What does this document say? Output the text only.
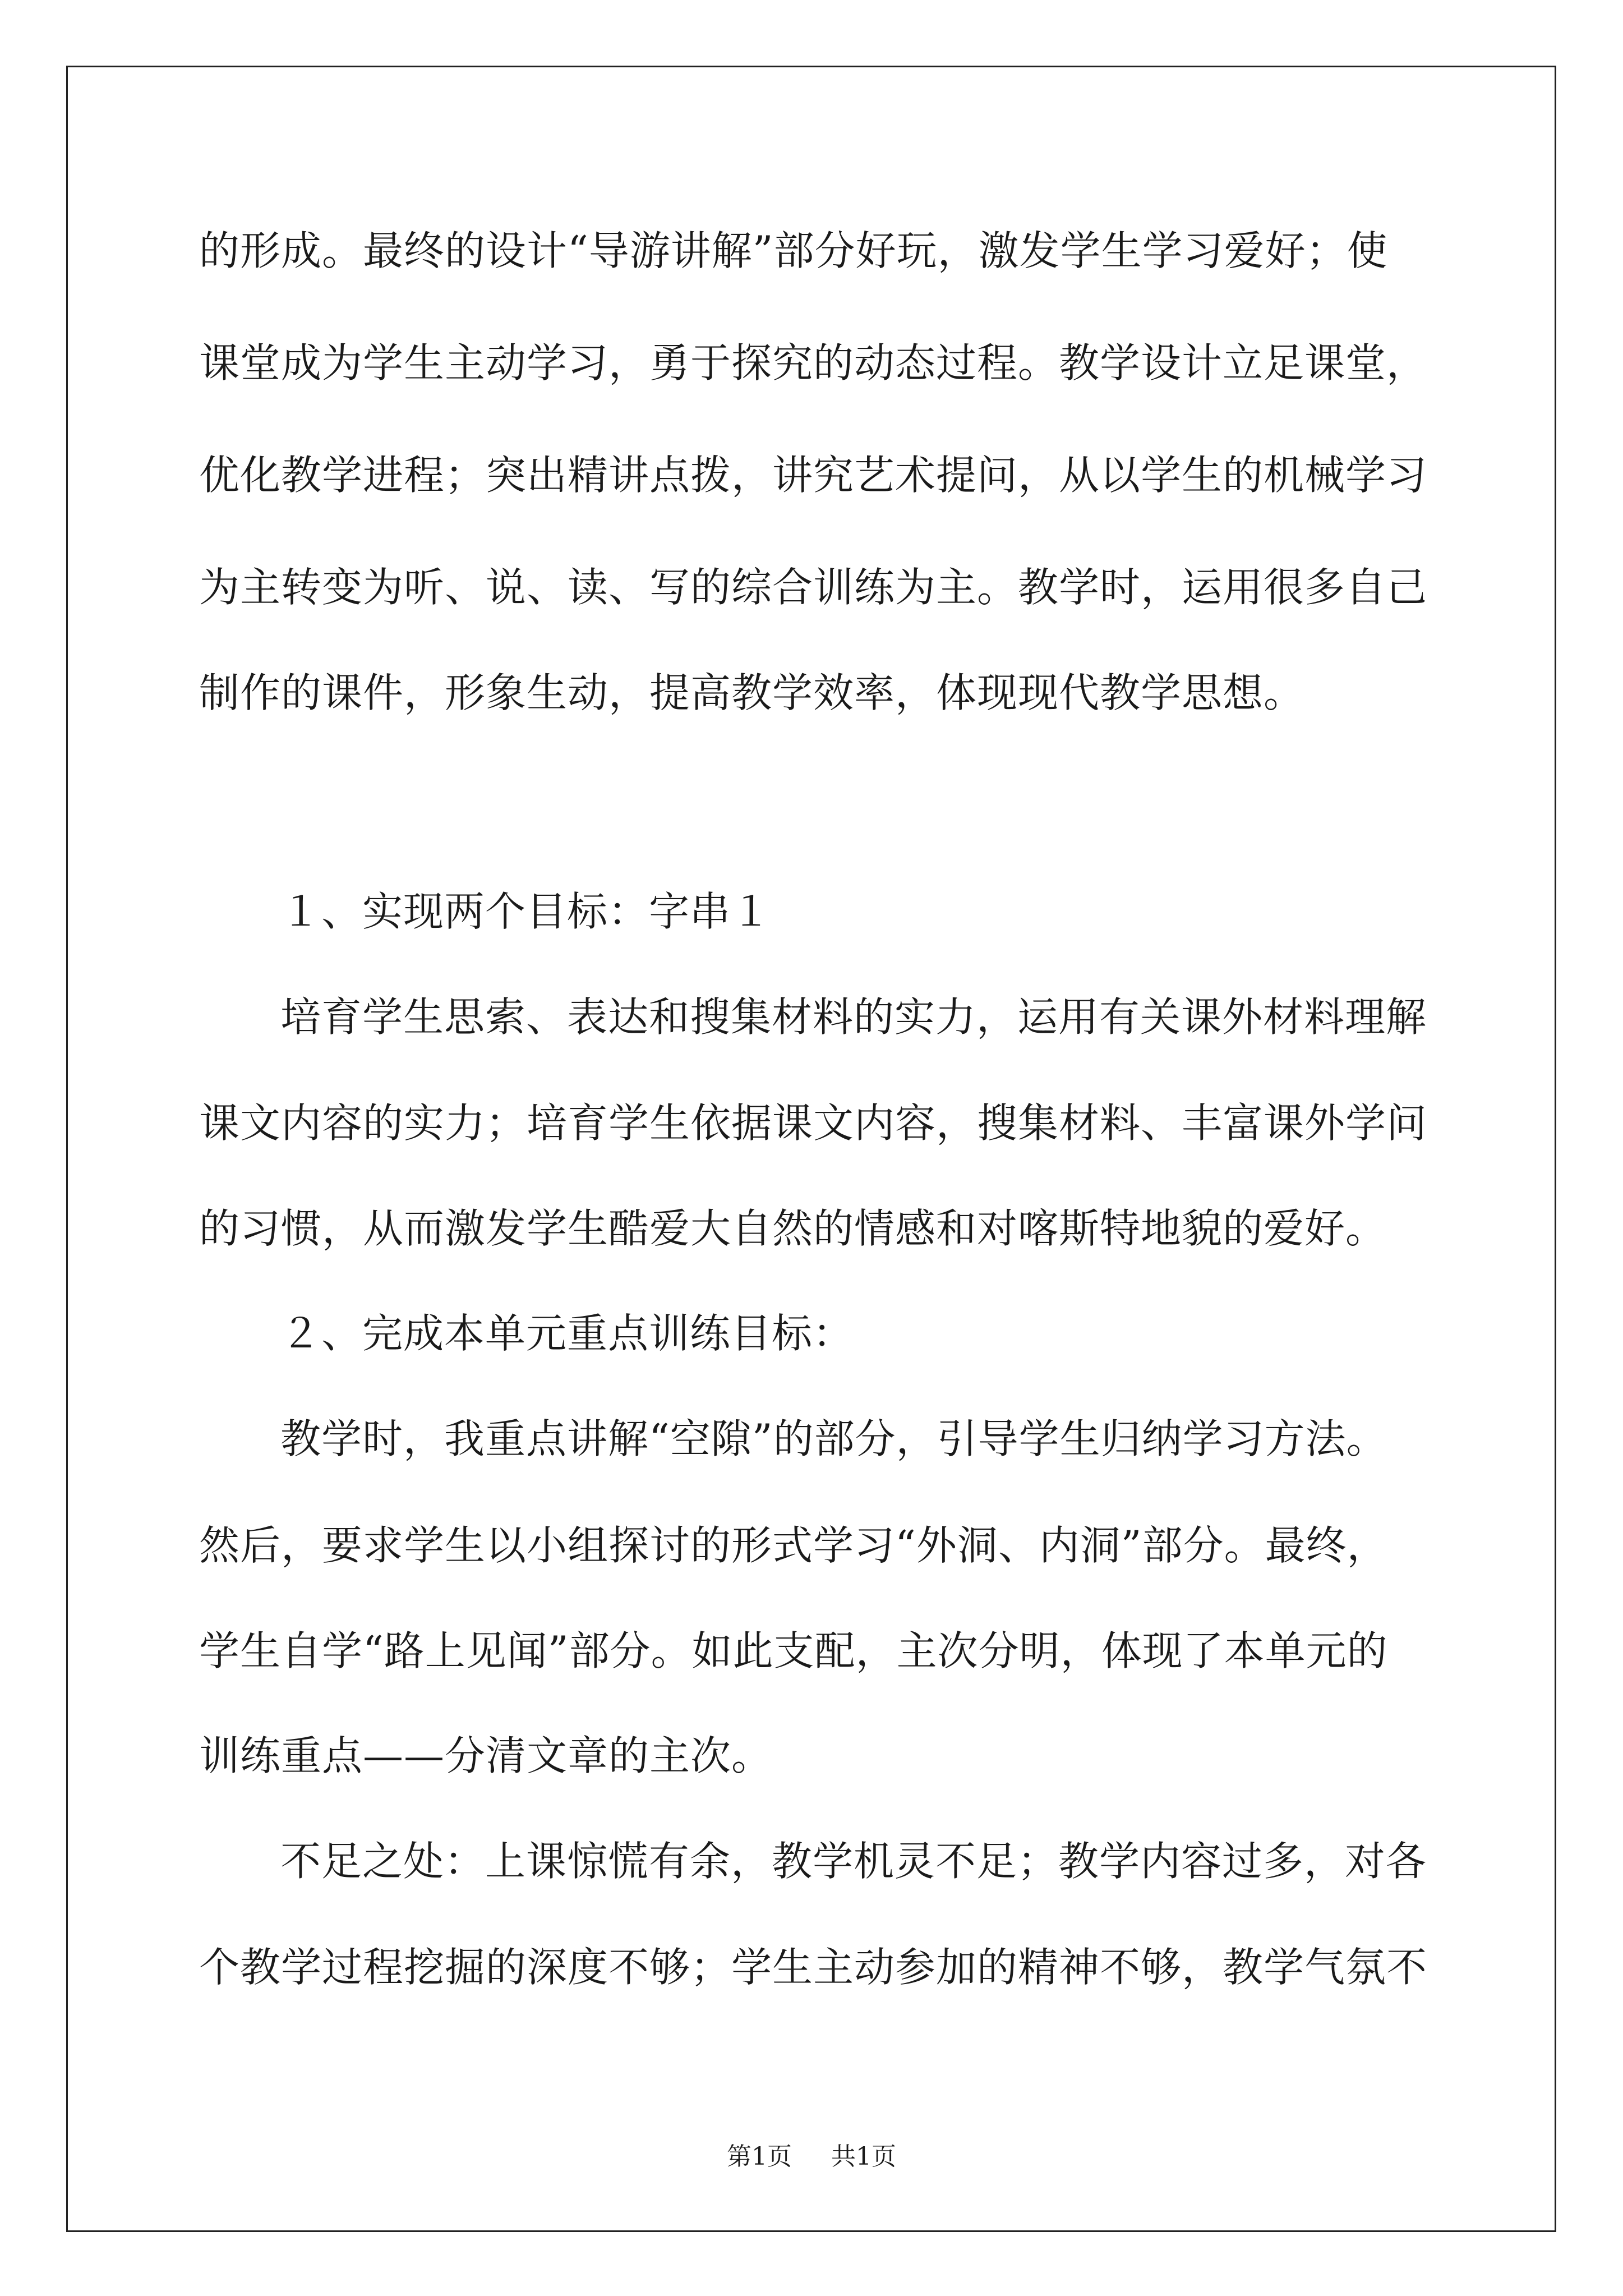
的形成。最终的设计“导游讲解”部分好玩，激发学生学习爱好；使
课堂成为学生主动学习，勇于探究的动态过程。教学设计立足课堂，
优化教学进程；突出精讲点拨，讲究艺术提问，从以学生的机械学习
为主转变为听、说、读、写的综合训练为主。教学时，运用很多自己
制作的课件，形象生动，提高教学效率，体现现代教学思想。
１、实现两个目标：字串１
培育学生思索、表达和搜集材料的实力，运用有关课外材料理解
课文内容的实力；培育学生依据课文内容，搜集材料、丰富课外学问
的习惯，从而激发学生酷爱大自然的情感和对喀斯特地貌的爱好。
２、完成本单元重点训练目标：
教学时，我重点讲解“空隙”的部分，引导学生归纳学习方法。
然后，要求学生以小组探讨的形式学习“外洞、内洞”部分。最终，
学生自学“路上见闻”部分。如此支配，主次分明，体现了本单元的
训练重点——分清文章的主次。
不足之处：上课惊慌有余，教学机灵不足；教学内容过多，对各
个教学过程挖掘的深度不够；学生主动参加的精神不够，教学气氛不
第1页 共1页
